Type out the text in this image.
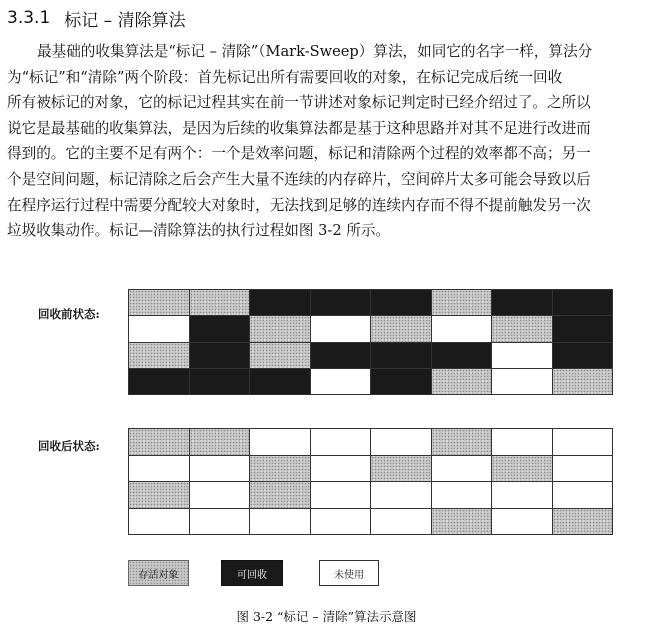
3.3.1 标记 – 清除算法
最基础的收集算法是“标记 – 清除”（Mark-Sweep）算法，如同它的名字一样，算法分
为“标记”和“清除”两个阶段：首先标记出所有需要回收的对象，在标记完成后统一回收
所有被标记的对象，它的标记过程其实在前一节讲述对象标记判定时已经介绍过了。之所以
说它是最基础的收集算法，是因为后续的收集算法都是基于这种思路并对其不足进行改进而
得到的。它的主要不足有两个：一个是效率问题，标记和清除两个过程的效率都不高；另一
个是空间问题，标记清除之后会产生大量不连续的内存碎片，空间碎片太多可能会导致以后
在程序运行过程中需要分配较大对象时，无法找到足够的连续内存而不得不提前触发另一次
垃圾收集动作。标记—清除算法的执行过程如图 3-2 所示。
回收前状态:
回收后状态:
存活对象	可回收	未使用
图 3-2 “标记 – 清除”算法示意图
